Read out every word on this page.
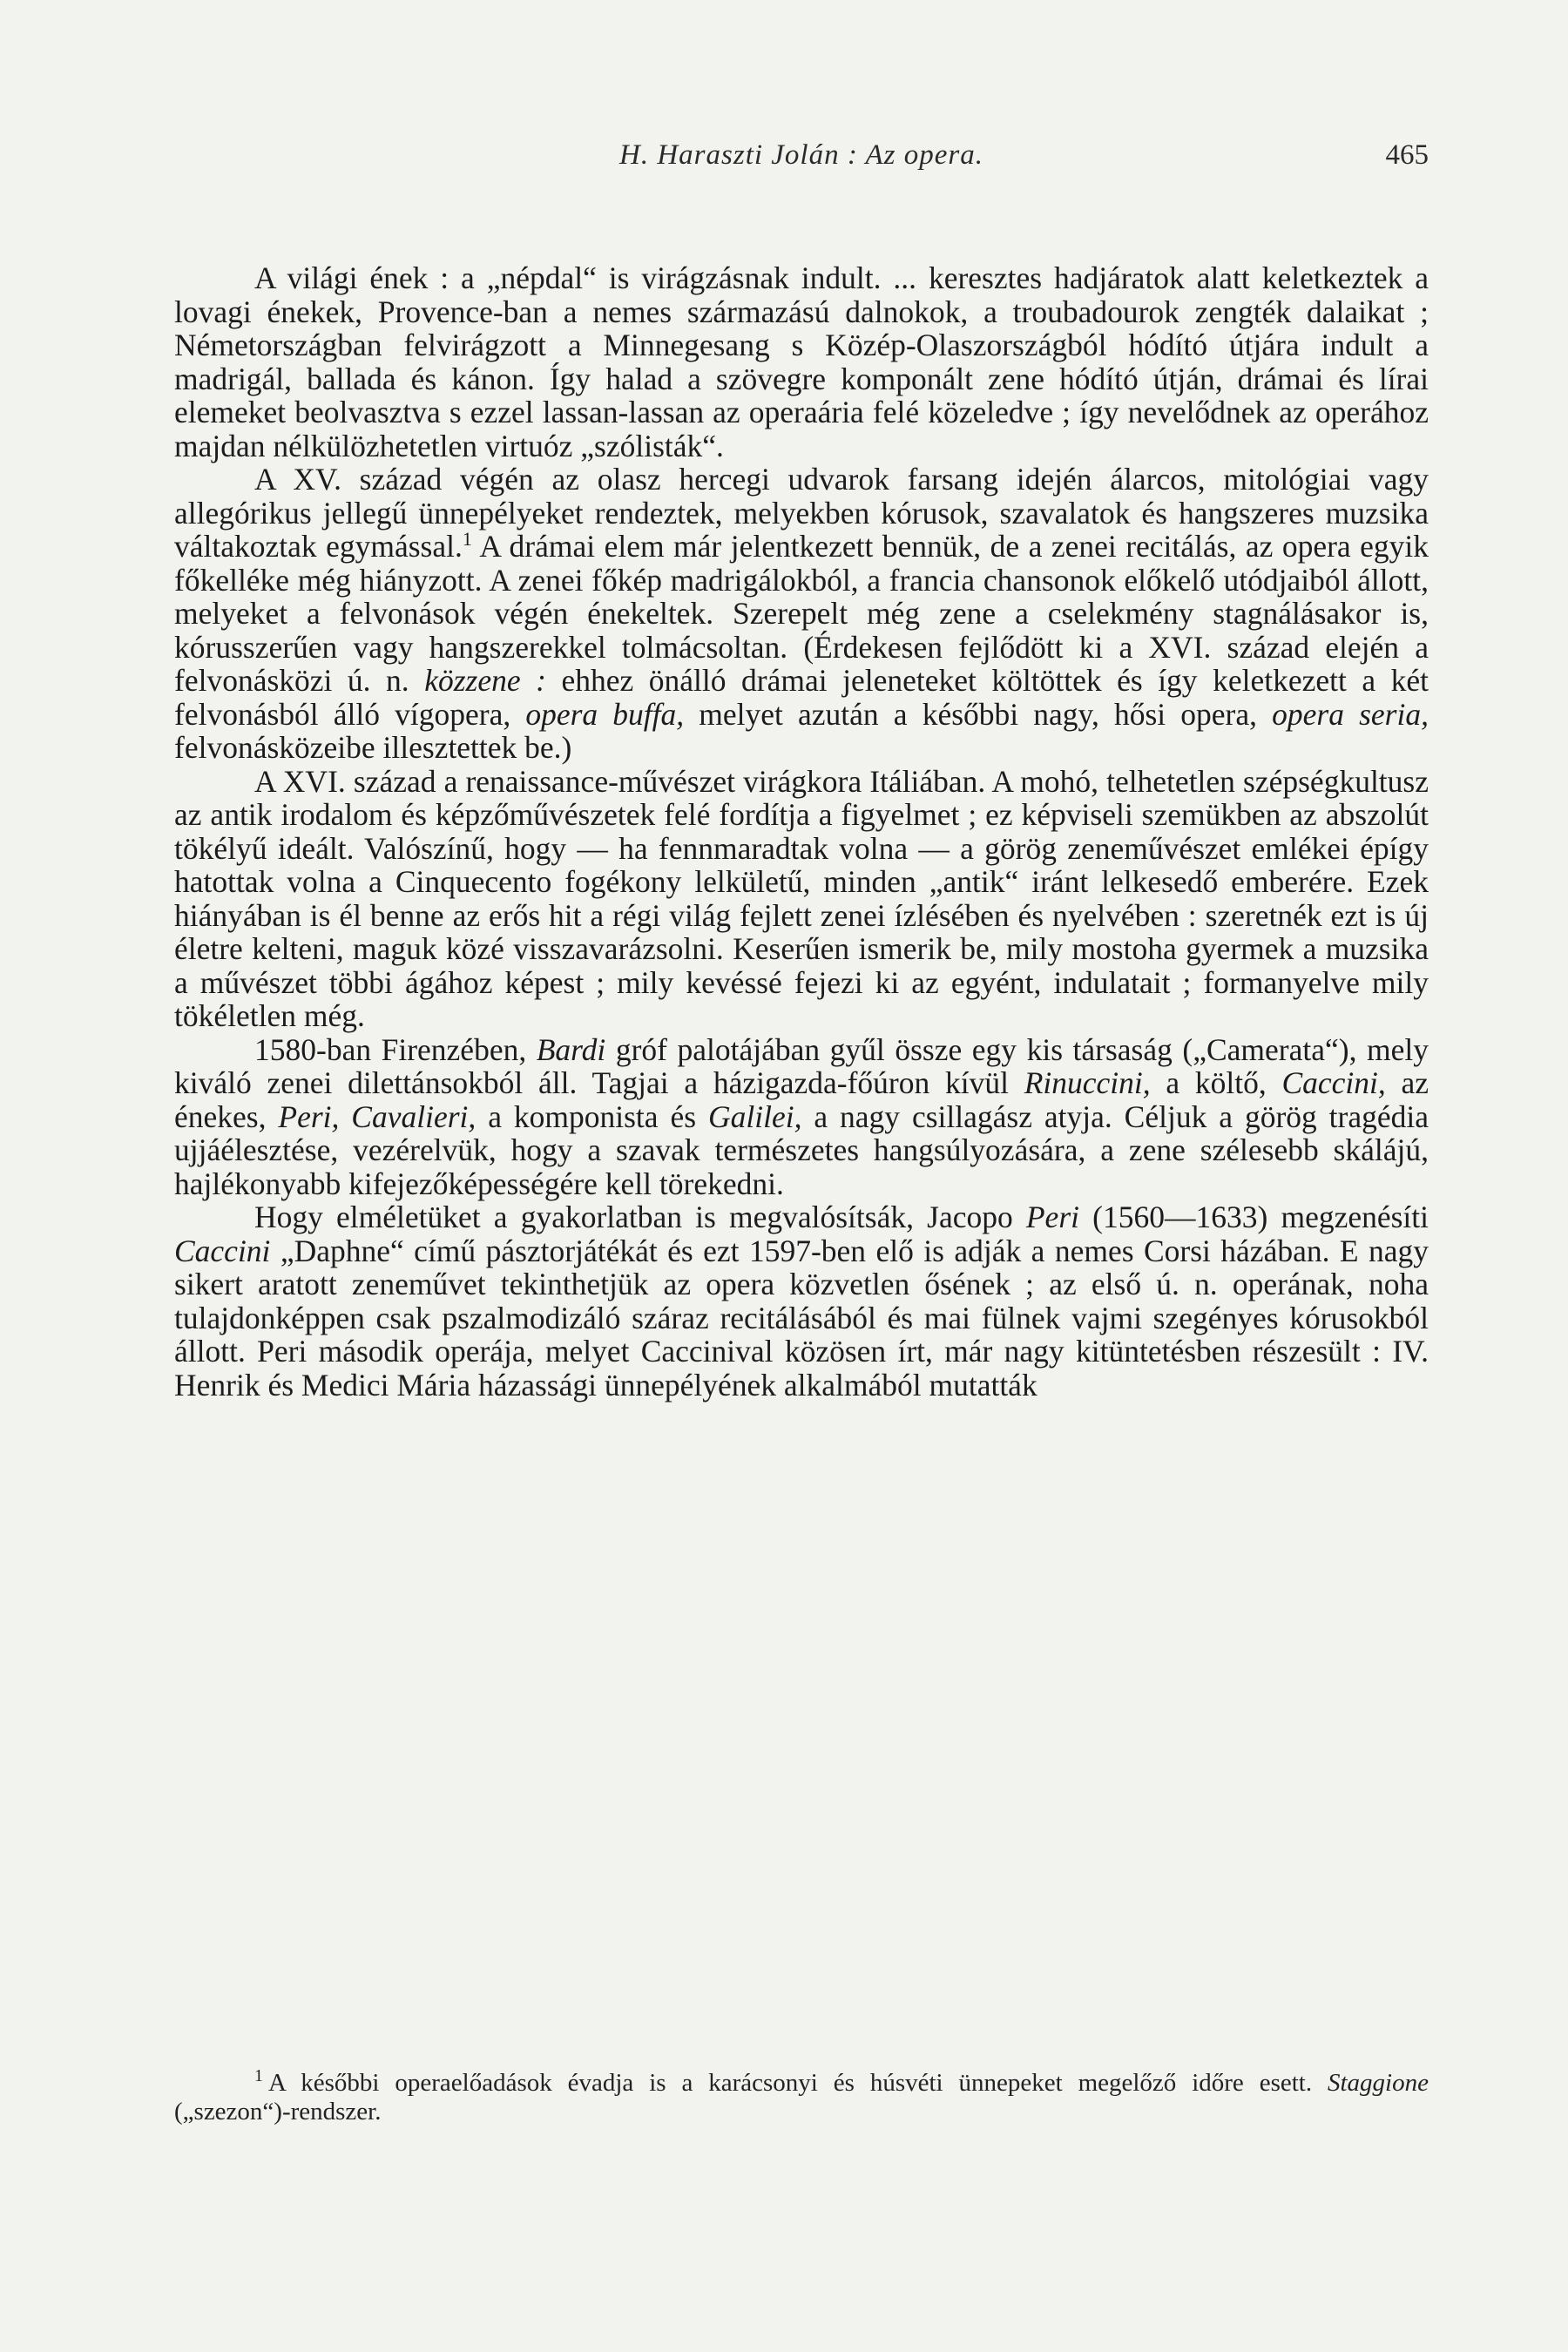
H. Haraszti Jolán : Az opera.	465

A világi ének : a „népdal“ is virágzásnak indult. ... keresztes hadjáratok alatt keletkeztek a lovagi énekek, Provence-ban a nemes származású dalnokok, a troubadourok zengték dalaikat ; Németországban felvirágzott a Minnegesang s Közép-Olaszországból hódító útjára indult a madrigál, ballada és kánon. Így halad a szövegre komponált zene hódító útján, drámai és lírai elemeket beolvasztva s ezzel lassan-lassan az operaária felé közeledve ; így nevelődnek az operához majdan nélkülözhetetlen virtuóz „szólisták“.

A XV. század végén az olasz hercegi udvarok farsang idején álarcos, mitológiai vagy allegórikus jellegű ünnepélyeket rendeztek, melyekben kórusok, szavalatok és hangszeres muzsika váltakoztak egymással.$^1$ A drámai elem már jelentkezett bennük, de a zenei recitálás, az opera egyik főkelléke még hiányzott. A zenei főkép madrigálokból, a francia chansonok előkelő utódjaiból állott, melyeket a felvonások végén énekeltek. Szerepelt még zene a cselekmény stagnálásakor is, kórusszerűen vagy hangszerekkel tolmácsoltan. (Érdekesen fejlődött ki a XVI. század elején a felvonásközi ú. n. közzene : ehhez önálló drámai jeleneteket költöttek és így keletkezett a két felvonásból álló vígopera, opera buffa, melyet azután a későbbi nagy, hősi opera, opera seria, felvonásközeibe illesztettek be.)

A XVI. század a renaissance-művészet virágkora Itáliában. A mohó, telhetetlen szépségkultusz az antik irodalom és képzőművészetek felé fordítja a figyelmet ; ez képviseli szemükben az abszolút tökélyű ideált. Valószínű, hogy — ha fennmaradtak volna — a görög zeneművészet emlékei épígy hatottak volna a Cinquecento fogékony lelkületű, minden „antik“ iránt lelkesedő emberére. Ezek hiányában is él benne az erős hit a régi világ fejlett zenei ízlésében és nyelvében : szeretnék ezt is új életre kelteni, maguk közé visszavarázsolni. Keserűen ismerik be, mily mostoha gyermek a muzsika a művészet többi ágához képest ; mily kevéssé fejezi ki az egyént, indulatait ; formanyelve mily tökéletlen még.

1580-ban Firenzében, Bardi gróf palotájában gyűl össze egy kis társaság („Camerata“), mely kiváló zenei dilettánsokból áll. Tagjai a házigazda-főúron kívül Rinuccini, a költő, Caccini, az énekes, Peri, Cavalieri, a komponista és Galilei, a nagy csillagász atyja. Céljuk a görög tragédia ujjáélesztése, vezérelvük, hogy a szavak természetes hangsúlyozására, a zene szélesebb skálájú, hajlékonyabb kifejezőképességére kell törekedni.

Hogy elméletüket a gyakorlatban is megvalósítsák, Jacopo Peri (1560—1633) megzenésíti Caccini „Daphne“ című pásztorjátékát és ezt 1597-ben elő is adják a nemes Corsi házában. E nagy sikert aratott zeneművet tekinthetjük az opera közvetlen ősének ; az első ú. n. operának, noha tulajdonképpen csak pszalmodizáló száraz recitálásából és mai fülnek vajmi szegényes kórusokból állott. Peri második operája, melyet Caccinival közösen írt, már nagy kitüntetésben részesült : IV. Henrik és Medici Mária házassági ünnepélyének alkalmából mutatták

$^1$ A későbbi operaelőadások évadja is a karácsonyi és húsvéti ünnepeket megelőző időre esett. Staggione („szezon“)-rendszer.
